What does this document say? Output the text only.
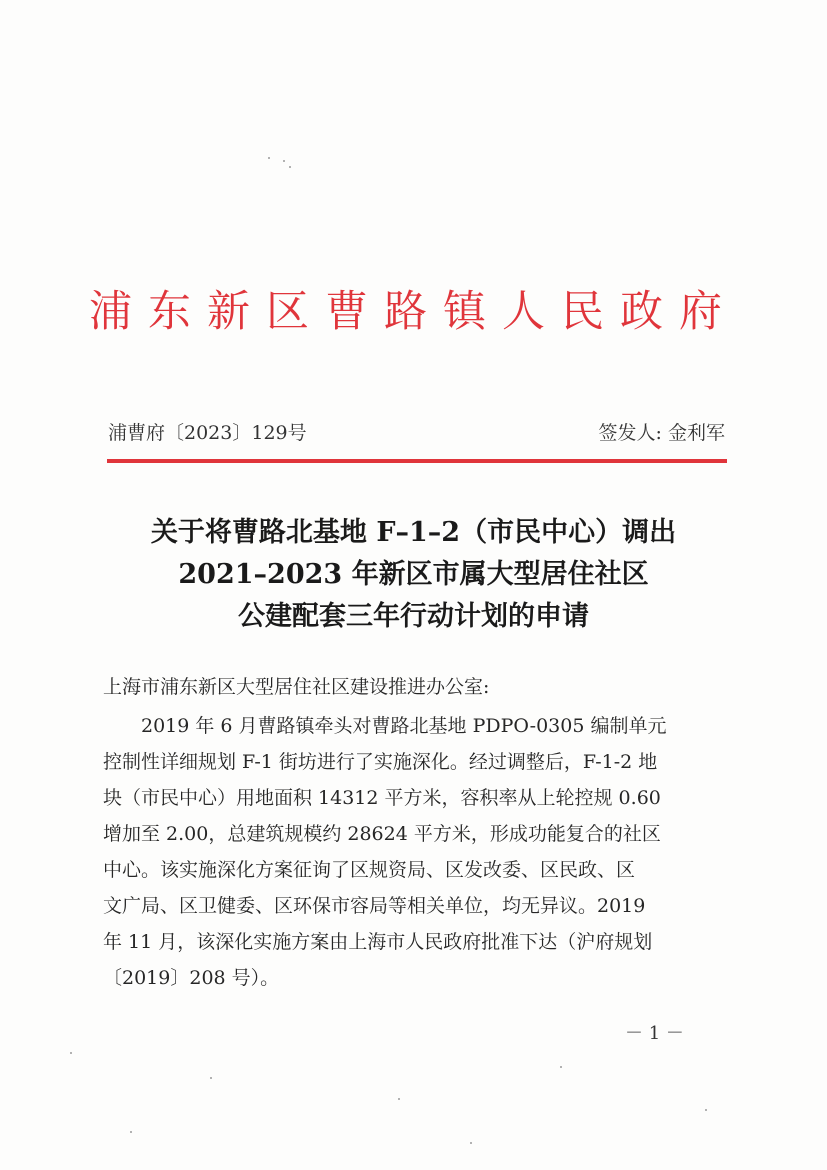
浦东新区曹路镇人民政府
浦曹府〔2023〕129号	签发人: 金利军
关于将曹路北基地 F–1–2（市民中心）调出
2021–2023 年新区市属大型居住社区
公建配套三年行动计划的申请
上海市浦东新区大型居住社区建设推进办公室:
　　2019 年 6 月曹路镇牵头对曹路北基地 PDPO-0305 编制单元
控制性详细规划 F-1 街坊进行了实施深化。经过调整后，F-1-2 地
块（市民中心）用地面积 14312 平方米，容积率从上轮控规 0.60
增加至 2.00，总建筑规模约 28624 平方米，形成功能复合的社区
中心。该实施深化方案征询了区规资局、区发改委、区民政、区
文广局、区卫健委、区环保市容局等相关单位，均无异议。2019
年 11 月，该深化实施方案由上海市人民政府批准下达（沪府规划
〔2019〕208 号）。
－ 1 －
